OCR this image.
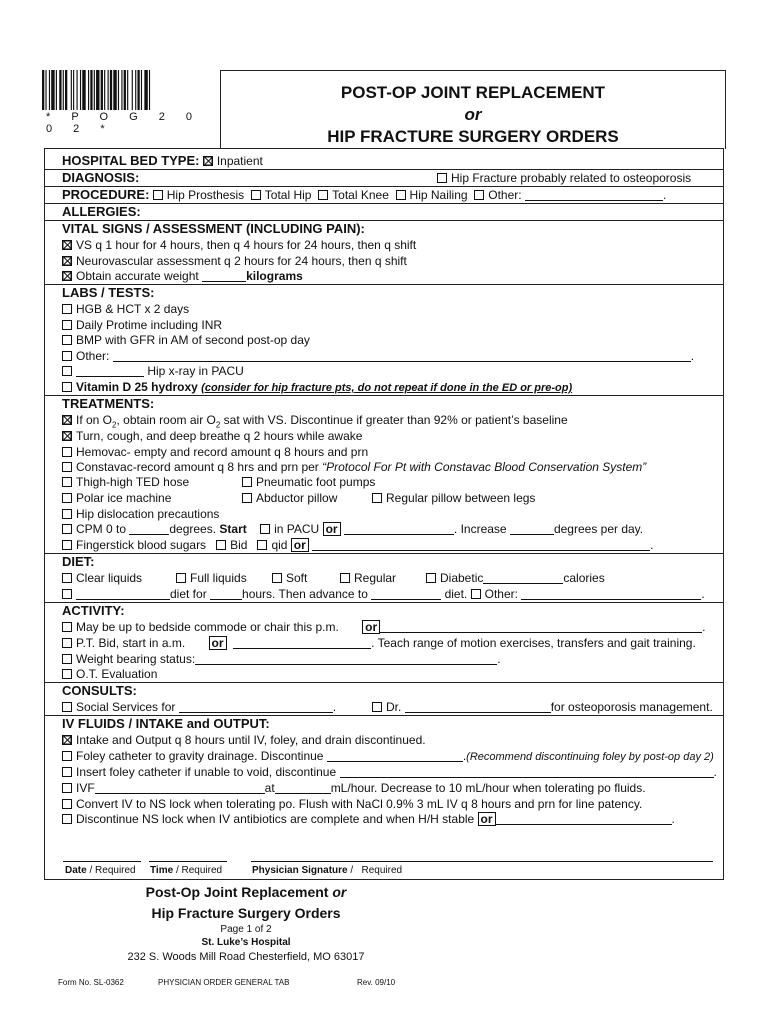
* P O G 2 0 0 2 *
POST-OP JOINT REPLACEMENT
or
HIP FRACTURE SURGERY ORDERS
HOSPITAL BED TYPE: Inpatient
DIAGNOSIS:	Hip Fracture probably related to osteoporosis
PROCEDURE: Hip Prosthesis Total Hip Total Knee Hip Nailing Other:	.
ALLERGIES:
VITAL SIGNS / ASSESSMENT (INCLUDING PAIN):
VS q 1 hour for 4 hours, then q 4 hours for 24 hours, then q shift
Neurovascular assessment q 2 hours for 24 hours, then q shift
Obtain accurate weight	kilograms
LABS / TESTS:
HGB & HCT x 2 days
Daily Protime including INR
BMP with GFR in AM of second post-op day
Other:	.
Hip x-ray in PACU
Vitamin D 25 hydroxy (consider for hip fracture pts, do not repeat if done in the ED or pre-op)
TREATMENTS:
If on $O_2$, obtain room air $O_2$ sat with VS. Discontinue if greater than 92% or patient’s baseline
Turn, cough, and deep breathe q 2 hours while awake
Hemovac- empty and record amount q 8 hours and prn
Constavac-record amount q 8 hrs and prn per “Protocol For Pt with Constavac Blood Conservation System”
Thigh-high TED hose	Pneumatic foot pumps
Polar ice machine	Abductor pillow	Regular pillow between legs
Hip dislocation precautions
CPM 0 to	degrees. Start in PACU or	. Increase	degrees per day.
Fingerstick blood sugars Bid qid or	.
DIET:
Clear liquids	Full liquids	Soft	Regular	Diabetic	calories
diet for	hours. Then advance to	diet. Other:	.
ACTIVITY:
May be up to bedside commode or chair this p.m. or	.
P.T. Bid, start in a.m. or	. Teach range of motion exercises, transfers and gait training.
Weight bearing status:	.
O.T. Evaluation
CONSULTS:
Social Services for	.	Dr.	for osteoporosis management.
IV FLUIDS / INTAKE and OUTPUT:
Intake and Output q 8 hours until IV, foley, and drain discontinued.
Foley catheter to gravity drainage. Discontinue	.(Recommend discontinuing foley by post-op day 2)
Insert foley catheter if unable to void, discontinue	.
IVF	at	mL/hour. Decrease to 10 mL/hour when tolerating po fluids.
Convert IV to NS lock when tolerating po. Flush with NaCl 0.9% 3 mL IV q 8 hours and prn for line patency.
Discontinue NS lock when IV antibiotics are complete and when H/H stable or	.
Date / Required Time / Required	Physician Signature /   Required
Post-Op Joint Replacement or
Hip Fracture Surgery Orders
Page 1 of 2
St. Luke’s Hospital
232 S. Woods Mill Road Chesterfield, MO 63017
Form No. SL-0362	PHYSICIAN ORDER GENERAL TAB	Rev. 09/10
